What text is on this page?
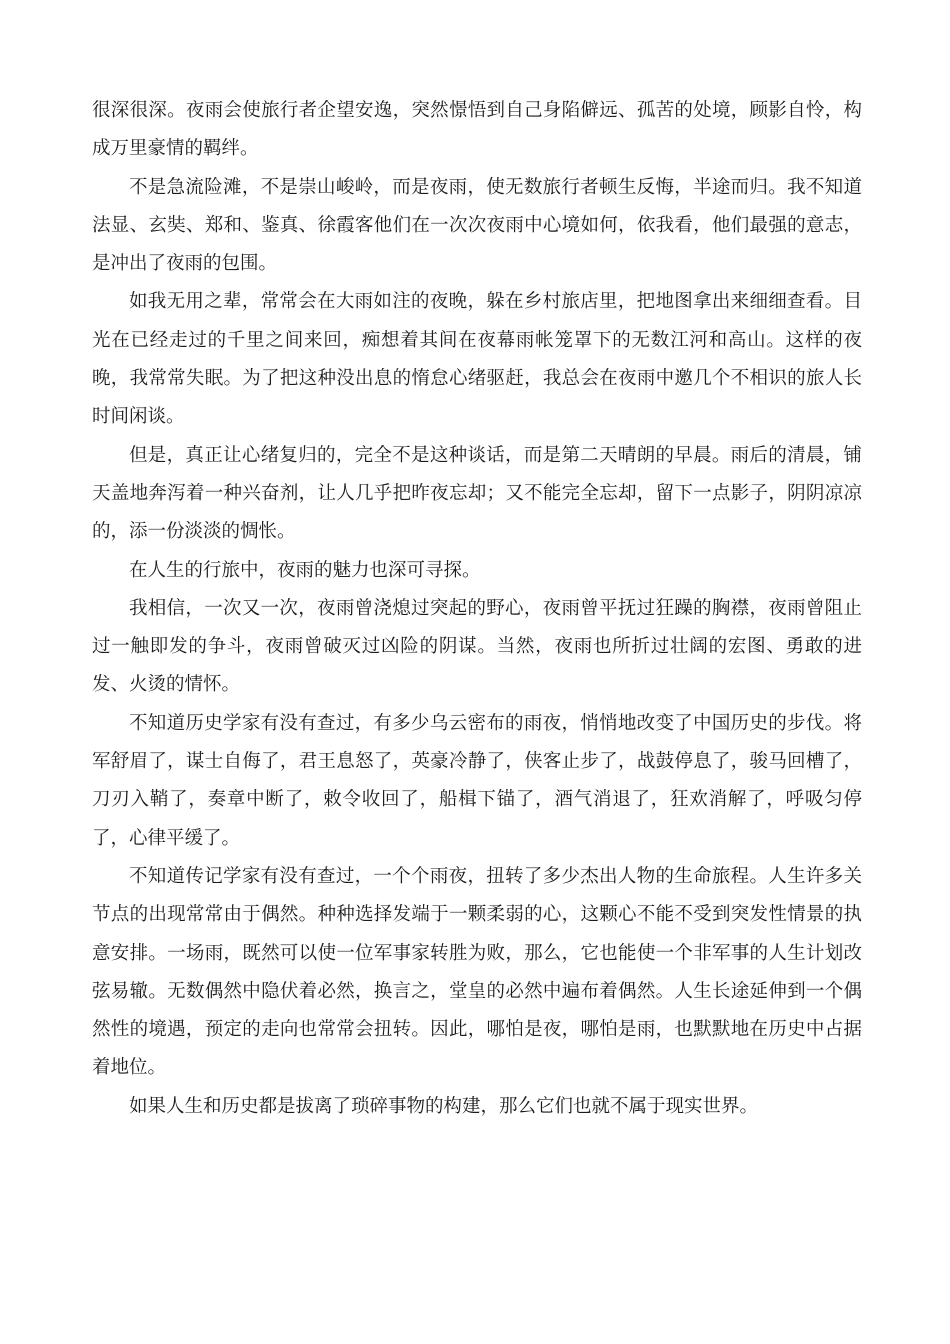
很深很深。夜雨会使旅行者企望安逸，突然憬悟到自己身陷僻远、孤苦的处境，顾影自怜，构成万里豪情的羁绊。

不是急流险滩，不是崇山峻岭，而是夜雨，使无数旅行者顿生反悔，半途而归。我不知道法显、玄奘、郑和、鉴真、徐霞客他们在一次次夜雨中心境如何，依我看，他们最强的意志，是冲出了夜雨的包围。

如我无用之辈，常常会在大雨如注的夜晚，躲在乡村旅店里，把地图拿出来细细查看。目光在已经走过的千里之间来回，痴想着其间在夜幕雨帐笼罩下的无数江河和高山。这样的夜晚，我常常失眠。为了把这种没出息的惰怠心绪驱赶，我总会在夜雨中邀几个不相识的旅人长时间闲谈。

但是，真正让心绪复归的，完全不是这种谈话，而是第二天晴朗的早晨。雨后的清晨，铺天盖地奔泻着一种兴奋剂，让人几乎把昨夜忘却；又不能完全忘却，留下一点影子，阴阴凉凉的，添一份淡淡的惆怅。

在人生的行旅中，夜雨的魅力也深可寻探。

我相信，一次又一次，夜雨曾浇熄过突起的野心，夜雨曾平抚过狂躁的胸襟，夜雨曾阻止过一触即发的争斗，夜雨曾破灭过凶险的阴谋。当然，夜雨也所折过壮阔的宏图、勇敢的进发、火烫的情怀。

不知道历史学家有没有查过，有多少乌云密布的雨夜，悄悄地改变了中国历史的步伐。将军舒眉了，谋士自侮了，君王息怒了，英豪冷静了，侠客止步了，战鼓停息了，骏马回槽了，刀刃入鞘了，奏章中断了，敕令收回了，船楫下锚了，酒气消退了，狂欢消解了，呼吸匀停了，心律平缓了。

不知道传记学家有没有查过，一个个雨夜，扭转了多少杰出人物的生命旅程。人生许多关节点的出现常常由于偶然。种种选择发端于一颗柔弱的心，这颗心不能不受到突发性情景的执意安排。一场雨，既然可以使一位军事家转胜为败，那么，它也能使一个非军事的人生计划改弦易辙。无数偶然中隐伏着必然，换言之，堂皇的必然中遍布着偶然。人生长途延伸到一个偶然性的境遇，预定的走向也常常会扭转。因此，哪怕是夜，哪怕是雨，也默默地在历史中占据着地位。

如果人生和历史都是拔离了琐碎事物的构建，那么它们也就不属于现实世界。
